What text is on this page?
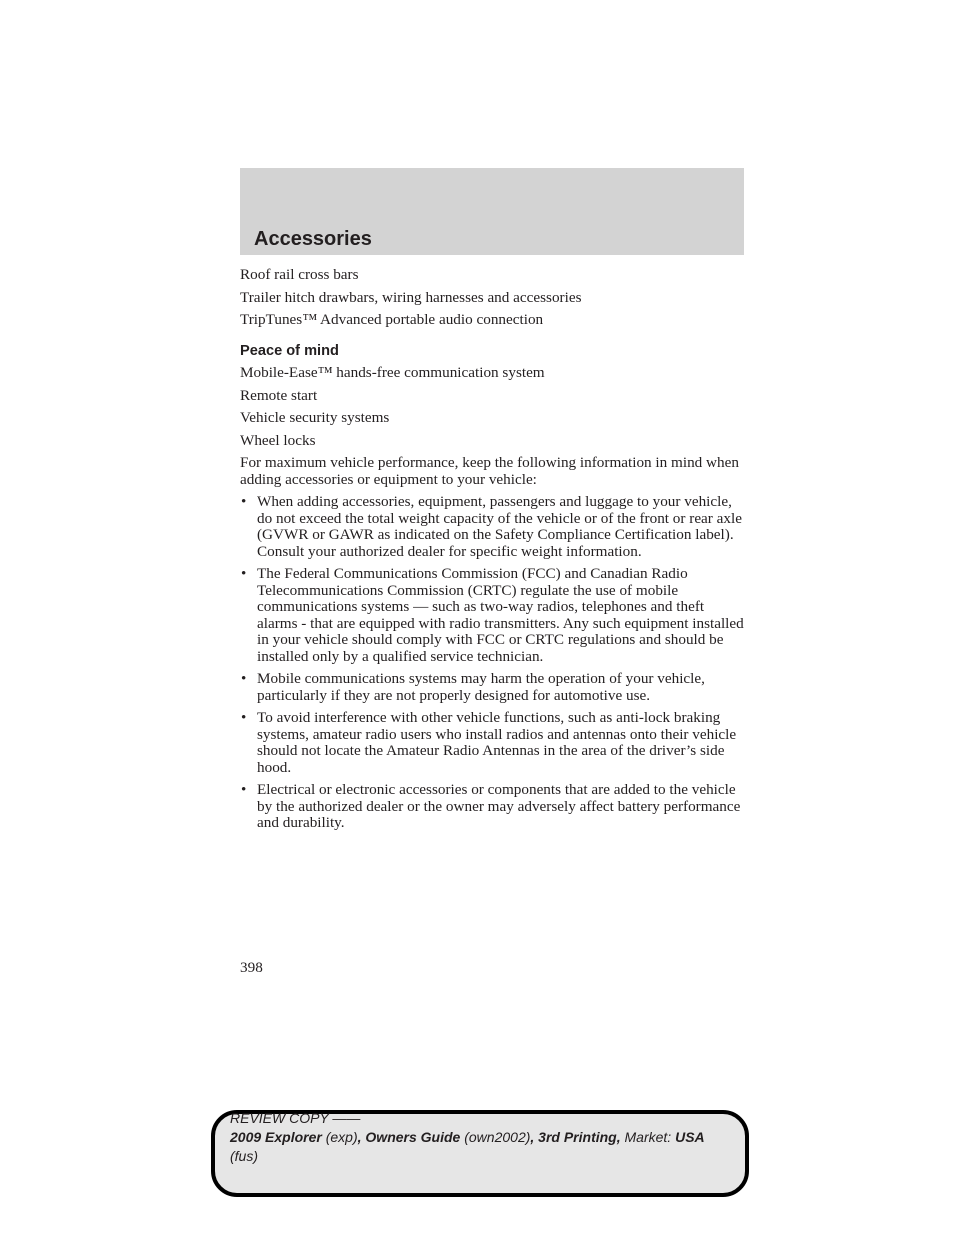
Accessories
Roof rail cross bars
Trailer hitch drawbars, wiring harnesses and accessories
TripTunes™ Advanced portable audio connection
Peace of mind
Mobile-Ease™ hands-free communication system
Remote start
Vehicle security systems
Wheel locks
For maximum vehicle performance, keep the following information in mind when adding accessories or equipment to your vehicle:
• When adding accessories, equipment, passengers and luggage to your vehicle, do not exceed the total weight capacity of the vehicle or of the front or rear axle (GVWR or GAWR as indicated on the Safety Compliance Certification label). Consult your authorized dealer for specific weight information.
• The Federal Communications Commission (FCC) and Canadian Radio Telecommunications Commission (CRTC) regulate the use of mobile communications systems — such as two-way radios, telephones and theft alarms - that are equipped with radio transmitters. Any such equipment installed in your vehicle should comply with FCC or CRTC regulations and should be installed only by a qualified service technician.
• Mobile communications systems may harm the operation of your vehicle, particularly if they are not properly designed for automotive use.
• To avoid interference with other vehicle functions, such as anti-lock braking systems, amateur radio users who install radios and antennas onto their vehicle should not locate the Amateur Radio Antennas in the area of the driver’s side hood.
• Electrical or electronic accessories or components that are added to the vehicle by the authorized dealer or the owner may adversely affect battery performance and durability.
398
REVIEW COPY ——
2009 Explorer (exp), Owners Guide (own2002), 3rd Printing, Market: USA
(fus)
